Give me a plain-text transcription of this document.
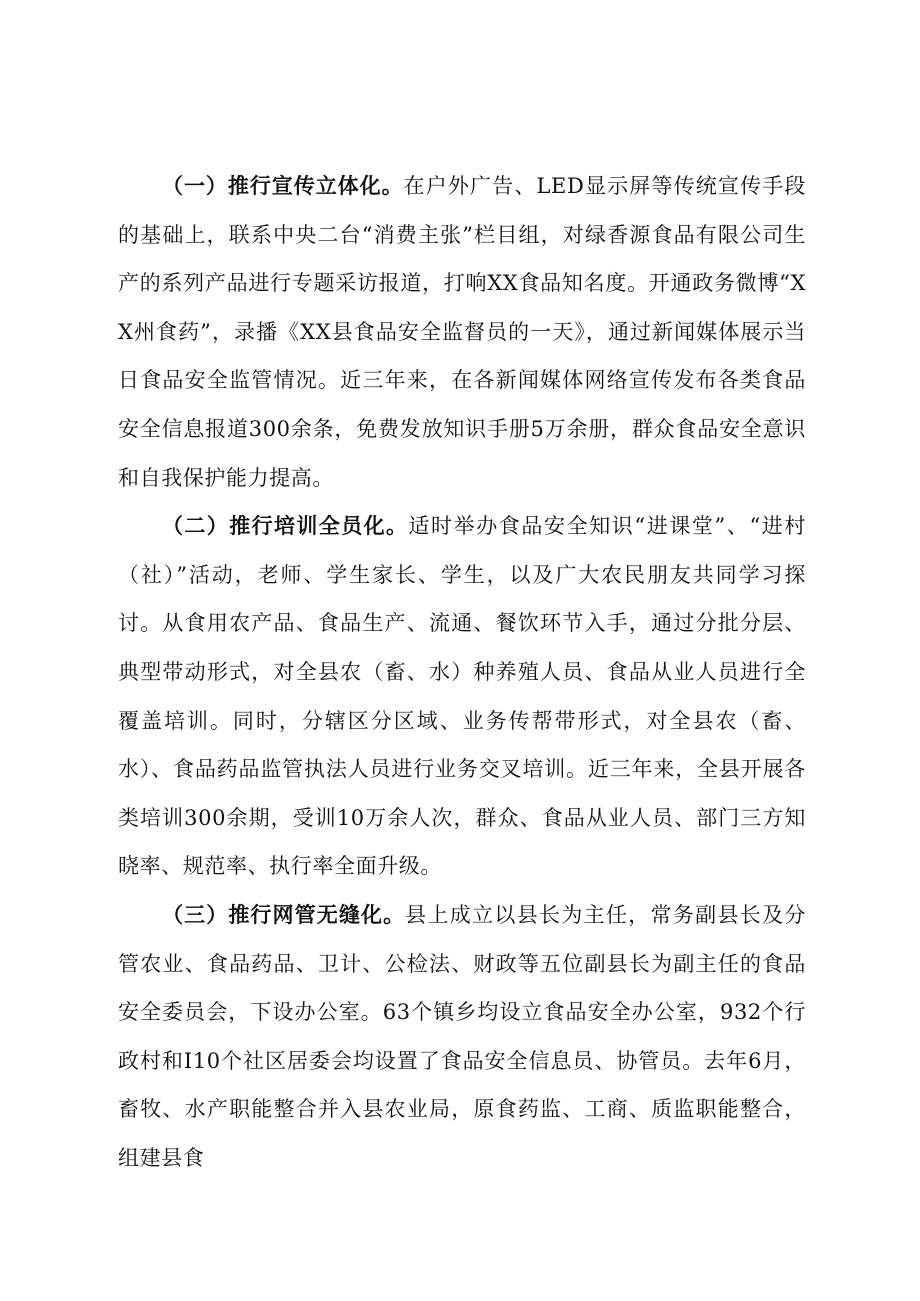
（一）推行宣传立体化。在户外广告、LED显示屏等传统宣传手段的基础上，联系中央二台“消费主张”栏目组，对绿香源食品有限公司生产的系列产品进行专题采访报道，打响XX食品知名度。开通政务微博“XX州食药”，录播《XX县食品安全监督员的一天》，通过新闻媒体展示当日食品安全监管情况。近三年来，在各新闻媒体网络宣传发布各类食品安全信息报道300余条，免费发放知识手册5万余册，群众食品安全意识和自我保护能力提高。

（二）推行培训全员化。适时举办食品安全知识“进课堂”、“进村（社）”活动，老师、学生家长、学生，以及广大农民朋友共同学习探讨。从食用农产品、食品生产、流通、餐饮环节入手，通过分批分层、典型带动形式，对全县农（畜、水）种养殖人员、食品从业人员进行全覆盖培训。同时，分辖区分区域、业务传帮带形式，对全县农（畜、水）、食品药品监管执法人员进行业务交叉培训。近三年来，全县开展各类培训300余期，受训10万余人次，群众、食品从业人员、部门三方知晓率、规范率、执行率全面升级。

（三）推行网管无缝化。县上成立以县长为主任，常务副县长及分管农业、食品药品、卫计、公检法、财政等五位副县长为副主任的食品安全委员会，下设办公室。63个镇乡均设立食品安全办公室，932个行政村和I10个社区居委会均设置了食品安全信息员、协管员。去年6月，畜牧、水产职能整合并入县农业局，原食药监、工商、质监职能整合，组建县食
